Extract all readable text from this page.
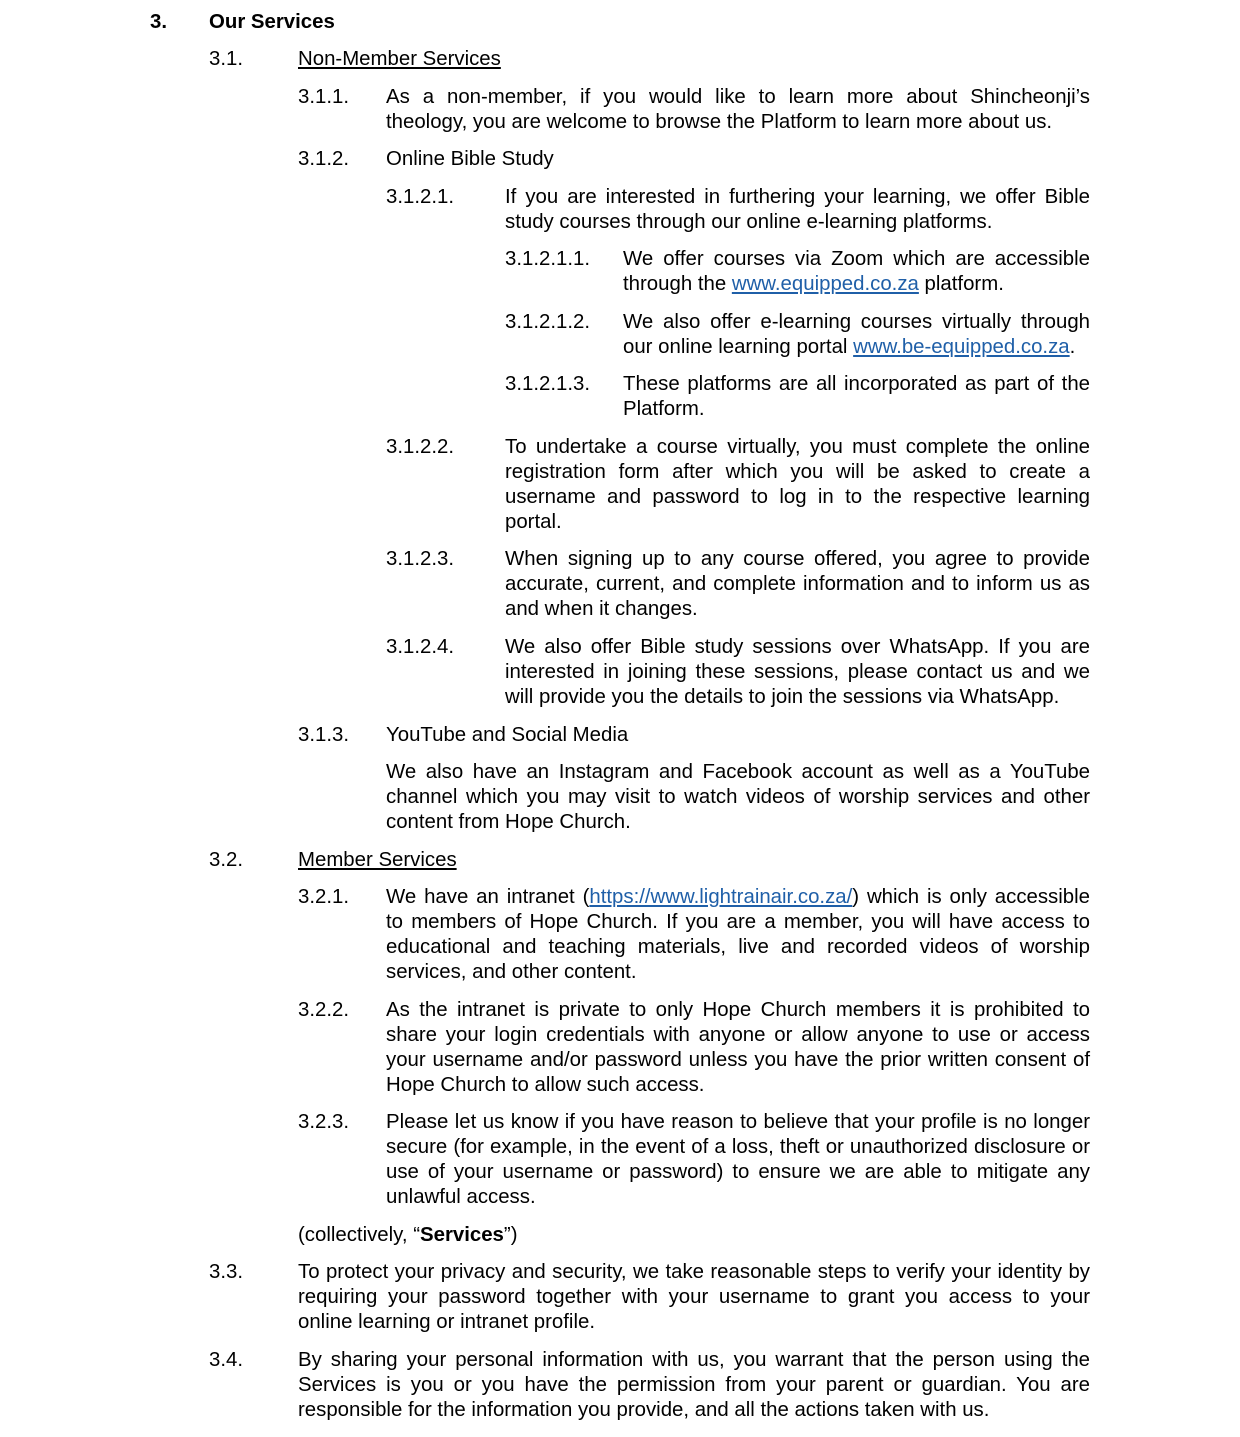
3.	Our Services
3.1.	Non-Member Services
3.1.1.	As a non-member, if you would like to learn more about Shincheonji’s theology, you are welcome to browse the Platform to learn more about us.
3.1.2.	Online Bible Study
3.1.2.1.	If you are interested in furthering your learning, we offer Bible study courses through our online e-learning platforms.
3.1.2.1.1.	We offer courses via Zoom which are accessible through the www.equipped.co.za platform.
3.1.2.1.2.	We also offer e-learning courses virtually through our online learning portal www.be-equipped.co.za.
3.1.2.1.3.	These platforms are all incorporated as part of the Platform.
3.1.2.2.	To undertake a course virtually, you must complete the online registration form after which you will be asked to create a username and password to log in to the respective learning portal.
3.1.2.3.	When signing up to any course offered, you agree to provide accurate, current, and complete information and to inform us as and when it changes.
3.1.2.4.	We also offer Bible study sessions over WhatsApp. If you are interested in joining these sessions, please contact us and we will provide you the details to join the sessions via WhatsApp.
3.1.3.	YouTube and Social Media
We also have an Instagram and Facebook account as well as a YouTube channel which you may visit to watch videos of worship services and other content from Hope Church.
3.2.	Member Services
3.2.1.	We have an intranet (https://www.lightrainair.co.za/) which is only accessible to members of Hope Church. If you are a member, you will have access to educational and teaching materials, live and recorded videos of worship services, and other content.
3.2.2.	As the intranet is private to only Hope Church members it is prohibited to share your login credentials with anyone or allow anyone to use or access your username and/or password unless you have the prior written consent of Hope Church to allow such access.
3.2.3.	Please let us know if you have reason to believe that your profile is no longer secure (for example, in the event of a loss, theft or unauthorized disclosure or use of your username or password) to ensure we are able to mitigate any unlawful access.
(collectively, “Services”)
3.3.	To protect your privacy and security, we take reasonable steps to verify your identity by requiring your password together with your username to grant you access to your online learning or intranet profile.
3.4.	By sharing your personal information with us, you warrant that the person using the Services is you or you have the permission from your parent or guardian. You are responsible for the information you provide, and all the actions taken with us.
